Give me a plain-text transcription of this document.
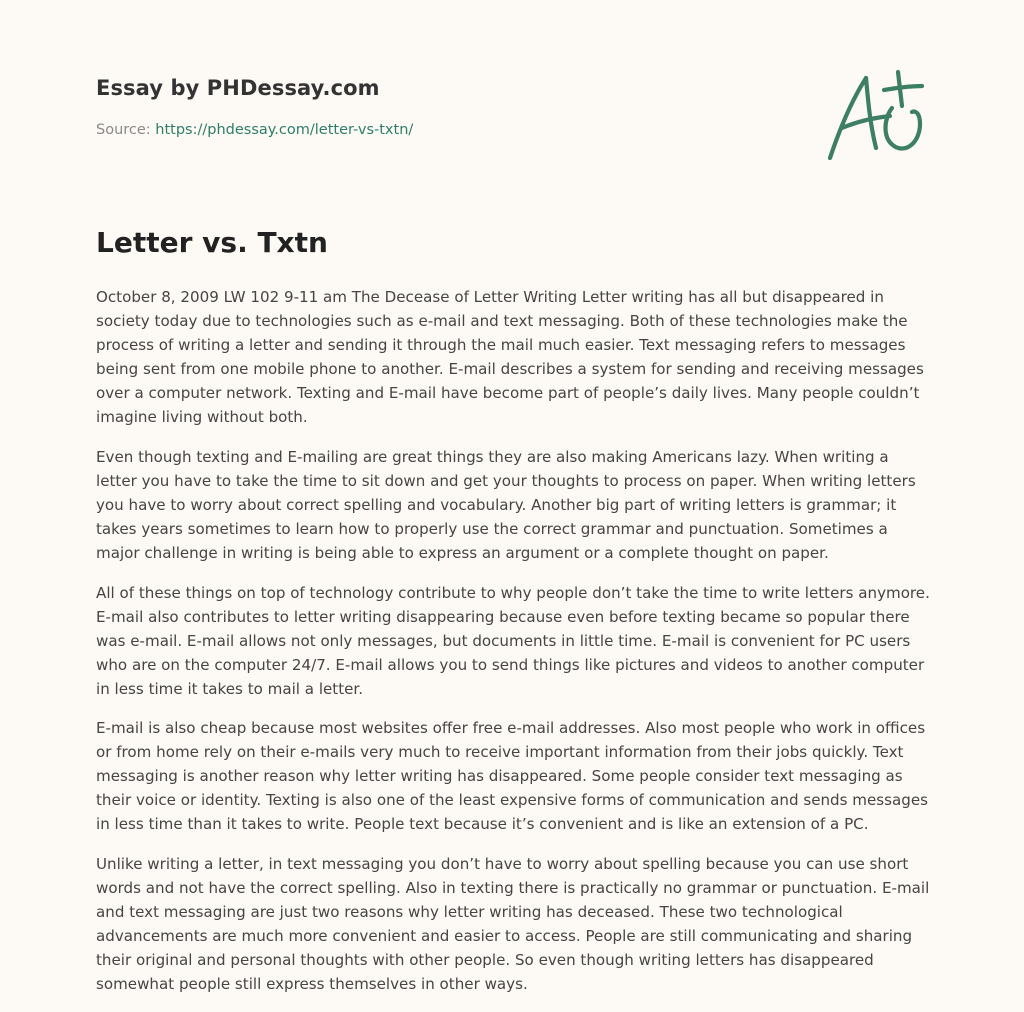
Essay by PHDessay.com
Source: https://phdessay.com/letter-vs-txtn/
Letter vs. Txtn

October 8, 2009 LW 102 9-11 am The Decease of Letter Writing Letter writing has all but disappeared in society today due to technologies such as e-mail and text messaging. Both of these technologies make the process of writing a letter and sending it through the mail much easier. Text messaging refers to messages being sent from one mobile phone to another. E-mail describes a system for sending and receiving messages over a computer network. Texting and E-mail have become part of people’s daily lives. Many people couldn’t imagine living without both.

Even though texting and E-mailing are great things they are also making Americans lazy. When writing a letter you have to take the time to sit down and get your thoughts to process on paper. When writing letters you have to worry about correct spelling and vocabulary. Another big part of writing letters is grammar; it takes years sometimes to learn how to properly use the correct grammar and punctuation. Sometimes a major challenge in writing is being able to express an argument or a complete thought on paper.

All of these things on top of technology contribute to why people don’t take the time to write letters anymore. E-mail also contributes to letter writing disappearing because even before texting became so popular there was e-mail. E-mail allows not only messages, but documents in little time. E-mail is convenient for PC users who are on the computer 24/7. E-mail allows you to send things like pictures and videos to another computer in less time it takes to mail a letter.

E-mail is also cheap because most websites offer free e-mail addresses. Also most people who work in offices or from home rely on their e-mails very much to receive important information from their jobs quickly. Text messaging is another reason why letter writing has disappeared. Some people consider text messaging as their voice or identity. Texting is also one of the least expensive forms of communication and sends messages in less time than it takes to write. People text because it’s convenient and is like an extension of a PC.

Unlike writing a letter, in text messaging you don’t have to worry about spelling because you can use short words and not have the correct spelling. Also in texting there is practically no grammar or punctuation. E-mail and text messaging are just two reasons why letter writing has deceased. These two technological advancements are much more convenient and easier to access. People are still communicating and sharing their original and personal thoughts with other people. So even though writing letters has disappeared somewhat people still express themselves in other ways.
